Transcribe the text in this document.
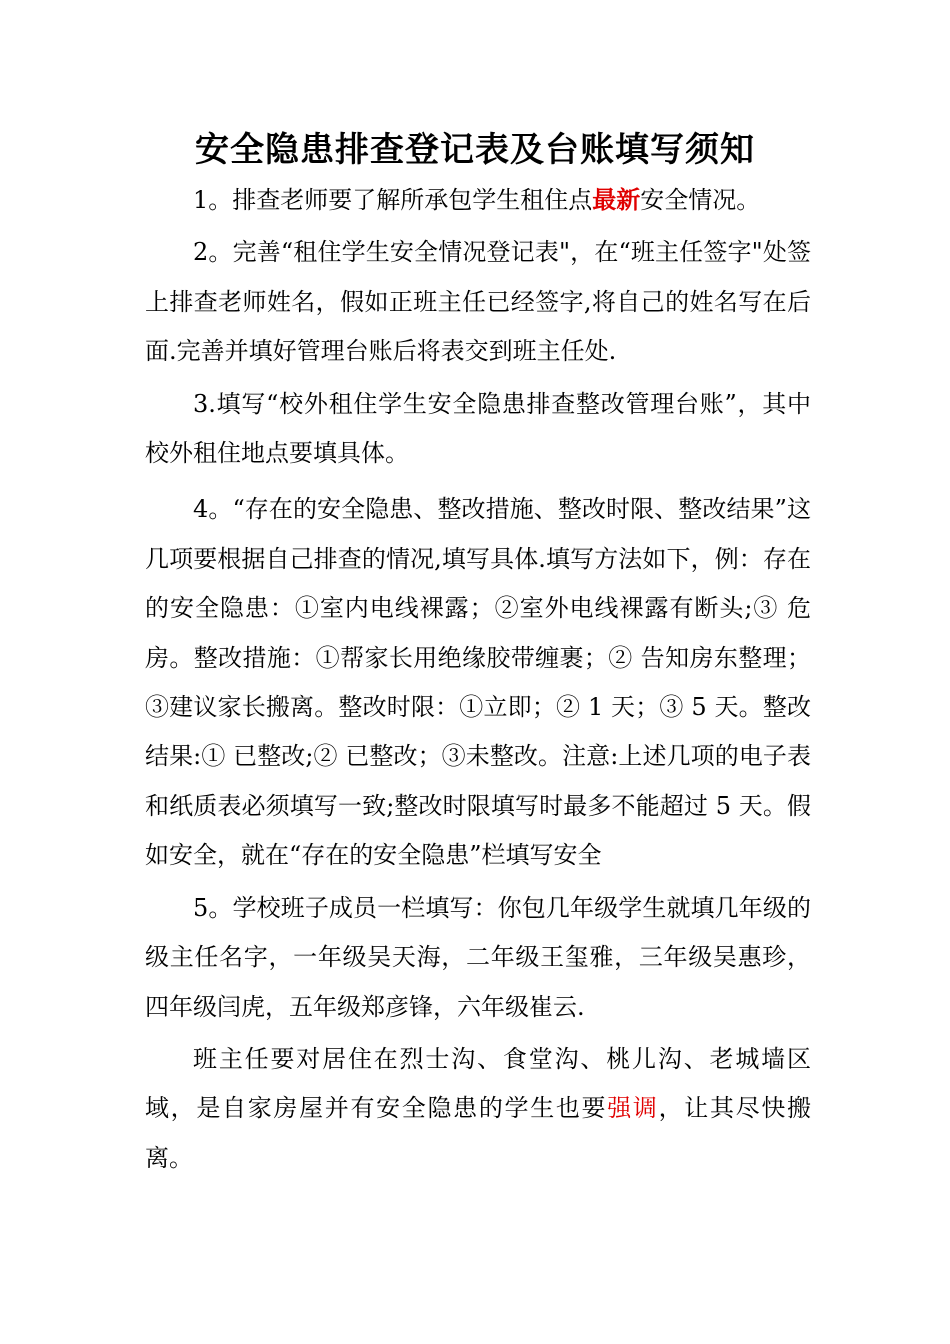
安全隐患排查登记表及台账填写须知

1。排查老师要了解所承包学生租住点最新安全情况。

2。完善“租住学生安全情况登记表"，在“班主任签字"处签上排查老师姓名，假如正班主任已经签字,将自己的姓名写在后面.完善并填好管理台账后将表交到班主任处.

3.填写“校外租住学生安全隐患排查整改管理台账”，其中校外租住地点要填具体。

4。“存在的安全隐患、整改措施、整改时限、整改结果”这几项要根据自己排查的情况,填写具体.填写方法如下，例：存在的安全隐患：①室内电线裸露；②室外电线裸露有断头;③ 危房。整改措施：①帮家长用绝缘胶带缠裹；② 告知房东整理；③建议家长搬离。整改时限：①立即；② 1 天；③ 5 天。整改结果:① 已整改;② 已整改；③未整改。注意:上述几项的电子表和纸质表必须填写一致;整改时限填写时最多不能超过 5 天。假如安全，就在“存在的安全隐患”栏填写安全

5。学校班子成员一栏填写：你包几年级学生就填几年级的级主任名字，一年级吴天海，二年级王玺雅，三年级吴惠珍，四年级闫虎，五年级郑彦锋，六年级崔云.

班主任要对居住在烈士沟、食堂沟、桃儿沟、老城墙区域，是自家房屋并有安全隐患的学生也要强调，让其尽快搬离。
